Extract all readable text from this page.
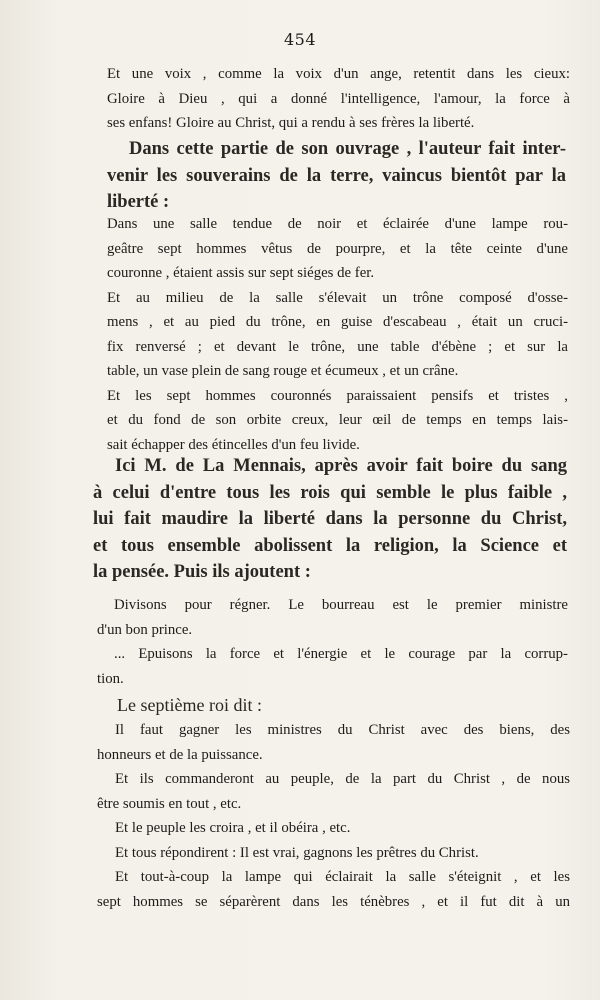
454
Et une voix , comme la voix d'un ange, retentit dans les cieux:
Gloire à Dieu , qui a donné l'intelligence, l'amour, la force à
ses enfans! Gloire au Christ, qui a rendu à ses frères la liberté.
Dans cette partie de son ouvrage , l'auteur fait inter-
venir les souverains de la terre, vaincus bientôt par la
liberté :
Dans une salle tendue de noir et éclairée d'une lampe rou-
geâtre sept hommes vêtus de pourpre, et la tête ceinte d'une
couronne , étaient assis sur sept siéges de fer.
Et au milieu de la salle s'élevait un trône composé d'osse-
mens , et au pied du trône, en guise d'escabeau , était un cruci-
fix renversé ; et devant le trône, une table d'ébène ; et sur la
table, un vase plein de sang rouge et écumeux , et un crâne.
Et les sept hommes couronnés paraissaient pensifs et tristes ,
et du fond de son orbite creux, leur œil de temps en temps lais-
sait échapper des étincelles d'un feu livide.
Ici M. de La Mennais, après avoir fait boire du sang
à celui d'entre tous les rois qui semble le plus faible ,
lui fait maudire la liberté dans la personne du Christ,
et tous ensemble abolissent la religion, la Science et
la pensée. Puis ils ajoutent :
Divisons pour régner. Le bourreau est le premier ministre
d'un bon prince.
... Epuisons la force et l'énergie et le courage par la corrup-
tion.
Le septième roi dit :
Il faut gagner les ministres du Christ avec des biens, des
honneurs et de la puissance.
Et ils commanderont au peuple, de la part du Christ , de nous
être soumis en tout , etc.
Et le peuple les croira , et il obéira , etc.
Et tous répondirent : Il est vrai, gagnons les prêtres du Christ.
Et tout-à-coup la lampe qui éclairait la salle s'éteignit , et les
sept hommes se séparèrent dans les ténèbres , et il fut dit à un
